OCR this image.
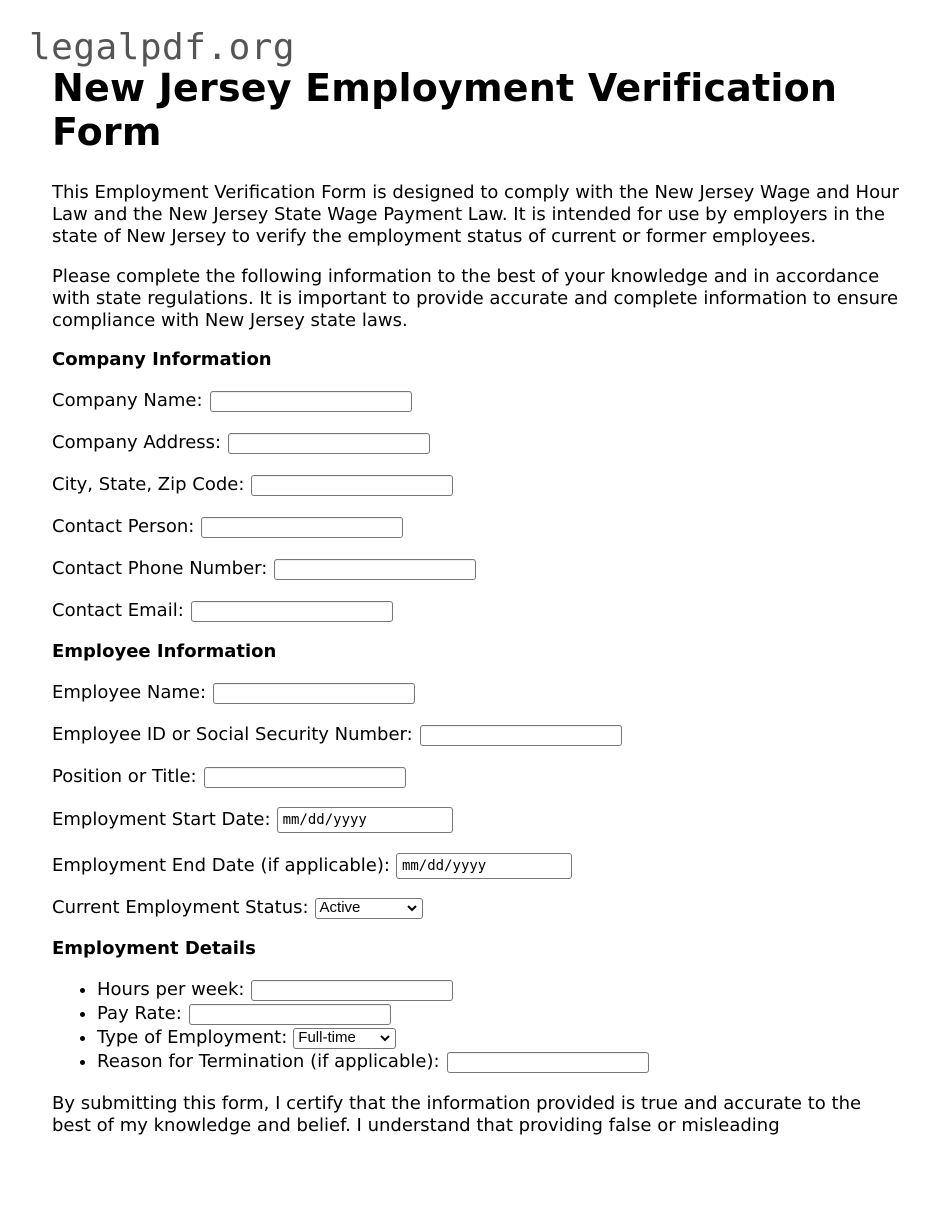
legalpdf.org
New Jersey Employment Verification Form

This Employment Verification Form is designed to comply with the New Jersey Wage and Hour Law and the New Jersey State Wage Payment Law. It is intended for use by employers in the state of New Jersey to verify the employment status of current or former employees.

Please complete the following information to the best of your knowledge and in accordance with state regulations. It is important to provide accurate and complete information to ensure compliance with New Jersey state laws.

Company Information
Company Name:
Company Address:
City, State, Zip Code:
Contact Person:
Contact Phone Number:
Contact Email:
Employee Information
Employee Name:
Employee ID or Social Security Number:
Position or Title:
Employment Start Date: mm/dd/yyyy
Employment End Date (if applicable): mm/dd/yyyy
Current Employment Status: Active
Employment Details
• Hours per week:
• Pay Rate:
• Type of Employment: Full-time
• Reason for Termination (if applicable):

By submitting this form, I certify that the information provided is true and accurate to the best of my knowledge and belief. I understand that providing false or misleading
